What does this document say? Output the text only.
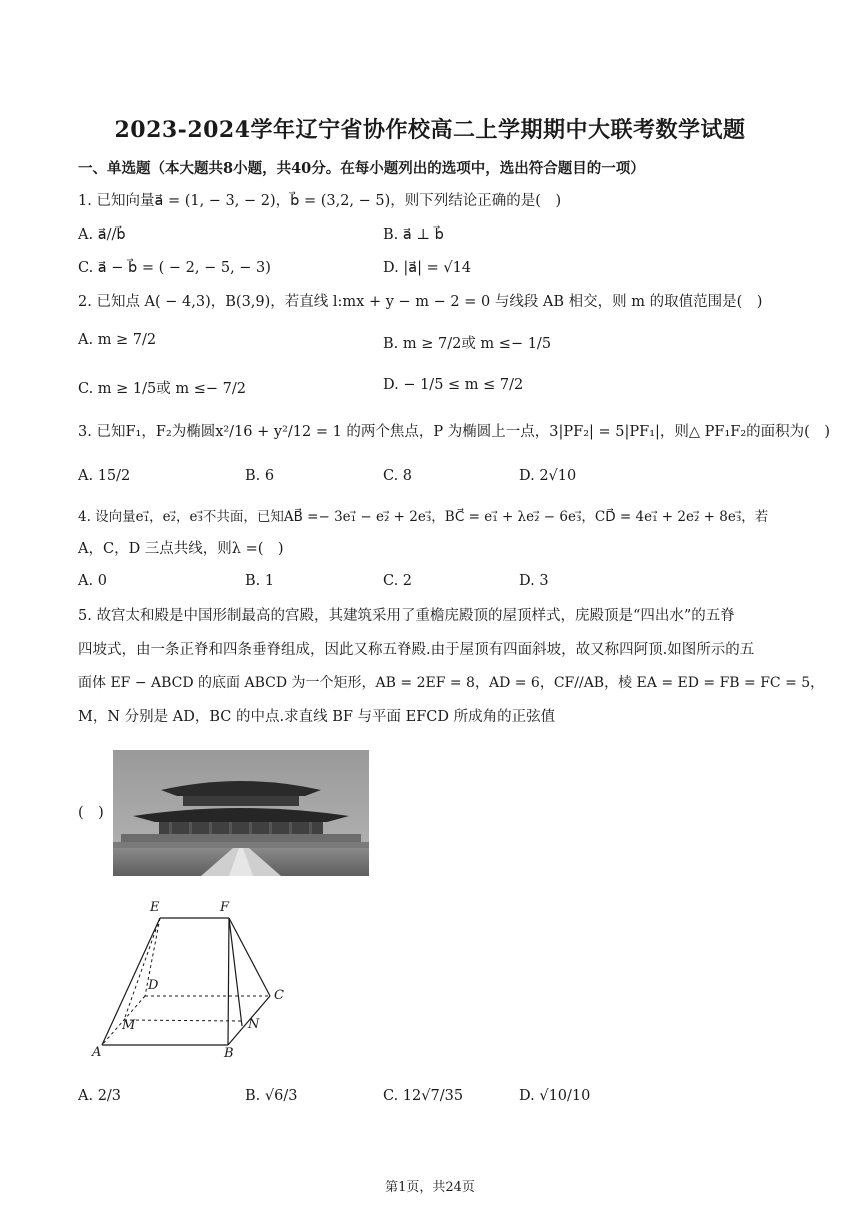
2023-2024学年辽宁省协作校高二上学期期中大联考数学试题
一、单选题（本大题共8小题，共40分。在每小题列出的选项中，选出符合题目的一项）
1. 已知向量a⃗ = (1, − 3, − 2)，b⃗ = (3,2, − 5)，则下列结论正确的是(　)
A. a⃗//b⃗	B. a⃗ ⊥ b⃗
C. a⃗ − b⃗ = ( − 2, − 5, − 3)	D. |a⃗| = √14
2. 已知点 A( − 4,3)，B(3,9)，若直线 l:mx + y − m − 2 = 0 与线段 AB 相交，则 m 的取值范围是(　)
A. m ≥ 7/2	B. m ≥ 7/2或 m ≤− 1/5
C. m ≥ 1/5或 m ≤− 7/2	D. − 1/5 ≤ m ≤ 7/2
3. 已知F₁，F₂为椭圆x²/16 + y²/12 = 1 的两个焦点，P 为椭圆上一点，3|PF₂| = 5|PF₁|，则△ PF₁F₂的面积为(　)
A. 15/2	B. 6	C. 8	D. 2√10
4. 设向量e₁⃗，e₂⃗，e₃⃗不共面，已知AB⃗ =− 3e₁⃗ − e₂⃗ + 2e₃⃗，BC⃗ = e₁⃗ + λe₂⃗ − 6e₃⃗，CD⃗ = 4e₁⃗ + 2e₂⃗ + 8e₃⃗，若
A，C，D 三点共线，则λ =(　)
A. 0	B. 1	C. 2	D. 3
5. 故宫太和殿是中国形制最高的宫殿，其建筑采用了重檐庑殿顶的屋顶样式，庑殿顶是“四出水”的五脊
四坡式，由一条正脊和四条垂脊组成，因此又称五脊殿.由于屋顶有四面斜坡，故又称四阿顶.如图所示的五
面体 EF − ABCD 的底面 ABCD 为一个矩形，AB = 2EF = 8，AD = 6，CF//AB，棱 EA = ED = FB = FC = 5，
M，N 分别是 AD，BC 的中点.求直线 BF 与平面 EFCD 所成角的正弦值
(　)
E	F
D
C
M	N
A	B
A. 2/3	B. √6/3	C. 12√7/35	D. √10/10
第1页，共24页
